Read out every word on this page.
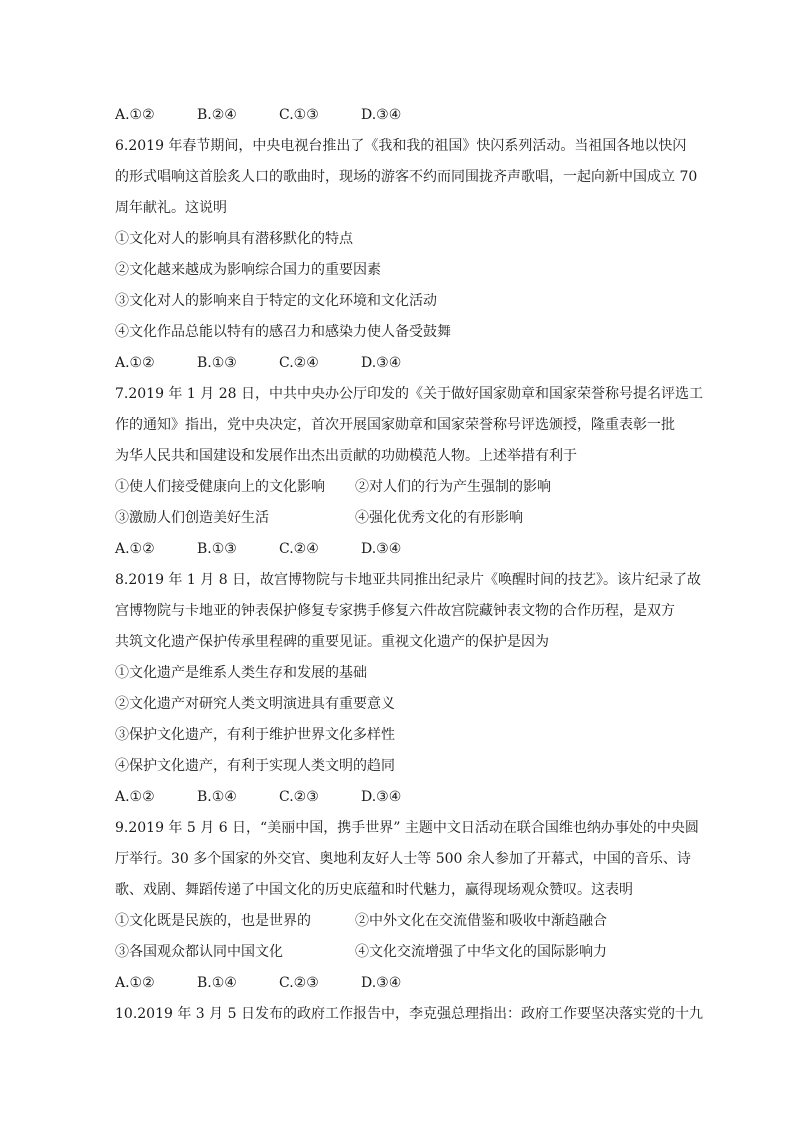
A.①②	B.②④	C.①③	D.③④
6.2019 年春节期间，中央电视台推出了《我和我的祖国》快闪系列活动。当祖国各地以快闪
的形式唱响这首脍炙人口的歌曲时，现场的游客不约而同围拢齐声歌唱，一起向新中国成立 70
周年献礼。这说明
①文化对人的影响具有潜移默化的特点
②文化越来越成为影响综合国力的重要因素
③文化对人的影响来自于特定的文化环境和文化活动
④文化作品总能以特有的感召力和感染力使人备受鼓舞
A.①②	B.①③	C.②④	D.③④
7.2019 年 1 月 28 日，中共中央办公厅印发的《关于做好国家勋章和国家荣誉称号提名评选工
作的通知》指出，党中央决定，首次开展国家勋章和国家荣誉称号评选颁授，隆重表彰一批
为华人民共和国建设和发展作出杰出贡献的功勋模范人物。上述举措有利于
①使人们接受健康向上的文化影响	②对人们的行为产生强制的影响
③激励人们创造美好生活	④强化优秀文化的有形影响
A.①②	B.①③	C.②④	D.③④
8.2019 年 1 月 8 日，故宫博物院与卡地亚共同推出纪录片《唤醒时间的技艺》。该片纪录了故
宫博物院与卡地亚的钟表保护修复专家携手修复六件故宫院藏钟表文物的合作历程，是双方
共筑文化遗产保护传承里程碑的重要见证。重视文化遗产的保护是因为
①文化遗产是维系人类生存和发展的基础
②文化遗产对研究人类文明演进具有重要意义
③保护文化遗产，有利于维护世界文化多样性
④保护文化遗产，有利于实现人类文明的趋同
A.①②	B.①④	C.②③	D.③④
9.2019 年 5 月 6 日，“美丽中国，携手世界” 主题中文日活动在联合国维也纳办事处的中央圆
厅举行。30 多个国家的外交官、奥地利友好人士等 500 余人参加了开幕式，中国的音乐、诗
歌、戏剧、舞蹈传递了中国文化的历史底蕴和时代魅力，赢得现场观众赞叹。这表明
①文化既是民族的，也是世界的	②中外文化在交流借鉴和吸收中渐趋融合
③各国观众都认同中国文化	④文化交流增强了中华文化的国际影响力
A.①②	B.①④	C.②③	D.③④
10.2019 年 3 月 5 日发布的政府工作报告中，李克强总理指出：政府工作要坚决落实党的十九
